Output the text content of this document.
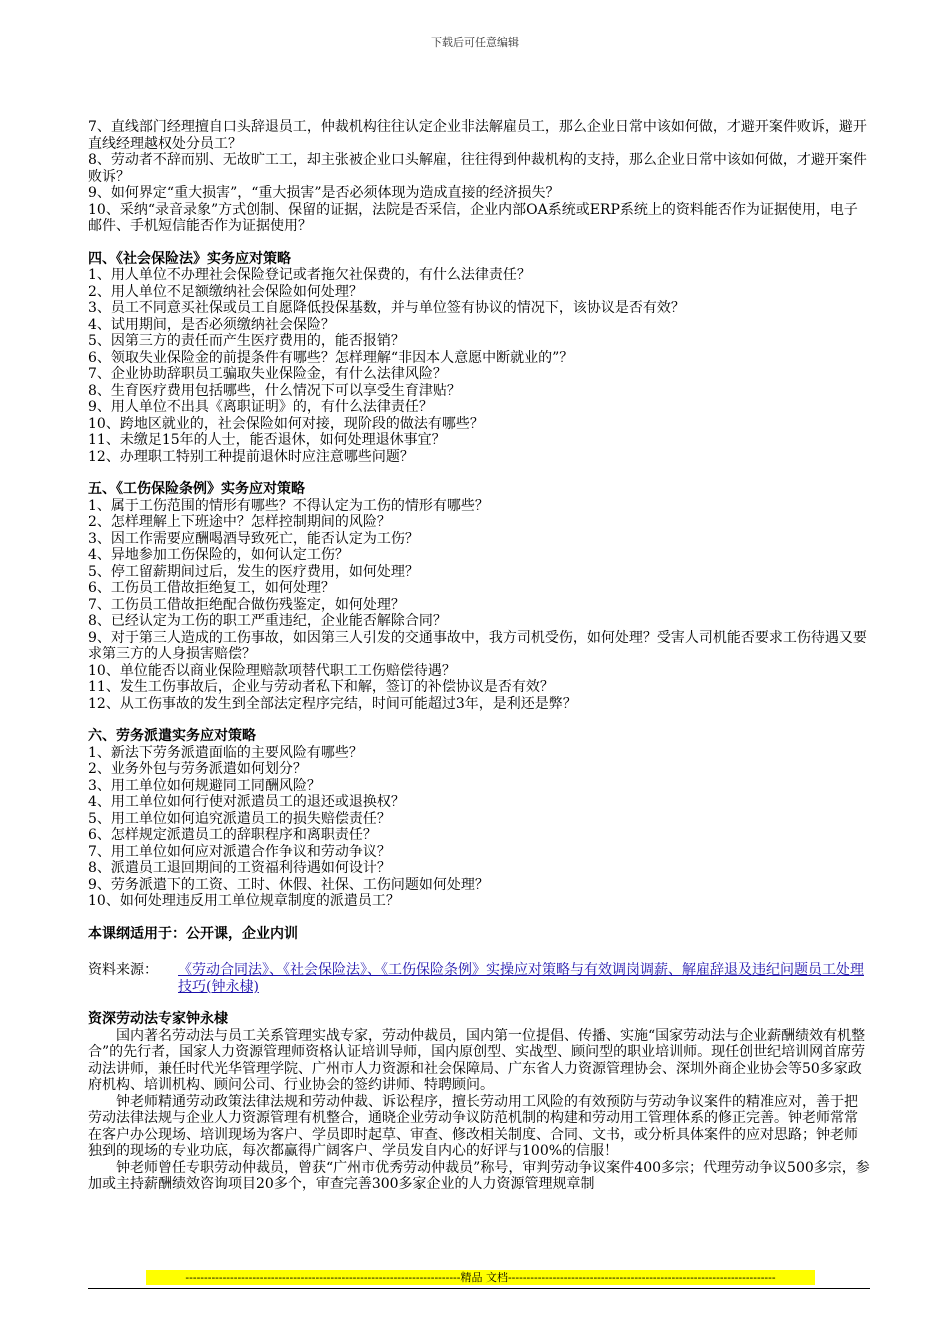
下载后可任意编辑
7、直线部门经理擅自口头辞退员工，仲裁机构往往认定企业非法解雇员工，那么企业日常中该如何做，才避开案件败诉，避开直线经理越权处分员工？
8、劳动者不辞而别、无故旷工工，却主张被企业口头解雇，往往得到仲裁机构的支持，那么企业日常中该如何做，才避开案件败诉？
9、如何界定“重大损害”，“重大损害”是否必须体现为造成直接的经济损失？
10、采纳“录音录象”方式创制、保留的证据，法院是否采信，企业内部OA系统或ERP系统上的资料能否作为证据使用，电子邮件、手机短信能否作为证据使用？
四、《社会保险法》实务应对策略
1、用人单位不办理社会保险登记或者拖欠社保费的，有什么法律责任？
2、用人单位不足额缴纳社会保险如何处理？
3、员工不同意买社保或员工自愿降低投保基数，并与单位签有协议的情况下，该协议是否有效？
4、试用期间，是否必须缴纳社会保险？
5、因第三方的责任而产生医疗费用的，能否报销？
6、领取失业保险金的前提条件有哪些？怎样理解“非因本人意愿中断就业的”？
7、企业协助辞职员工骗取失业保险金，有什么法律风险？
8、生育医疗费用包括哪些，什么情况下可以享受生育津贴？
9、用人单位不出具《离职证明》的，有什么法律责任？
10、跨地区就业的，社会保险如何对接，现阶段的做法有哪些？
11、未缴足15年的人士，能否退休，如何处理退休事宜？
12、办理职工特别工种提前退休时应注意哪些问题？
五、《工伤保险条例》实务应对策略
1、属于工伤范围的情形有哪些？不得认定为工伤的情形有哪些？
2、怎样理解上下班途中？怎样控制期间的风险？
3、因工作需要应酬喝酒导致死亡，能否认定为工伤？
4、异地参加工伤保险的，如何认定工伤？
5、停工留薪期间过后，发生的医疗费用，如何处理？
6、工伤员工借故拒绝复工，如何处理？
7、工伤员工借故拒绝配合做伤残鉴定，如何处理？
8、已经认定为工伤的职工严重违纪，企业能否解除合同？
9、对于第三人造成的工伤事故，如因第三人引发的交通事故中，我方司机受伤，如何处理？受害人司机能否要求工伤待遇又要求第三方的人身损害赔偿？
10、单位能否以商业保险理赔款项替代职工工伤赔偿待遇？
11、发生工伤事故后，企业与劳动者私下和解，签订的补偿协议是否有效？
12、从工伤事故的发生到全部法定程序完结，时间可能超过3年，是利还是弊？
六、劳务派遣实务应对策略
1、新法下劳务派遣面临的主要风险有哪些？
2、业务外包与劳务派遣如何划分？
3、用工单位如何规避同工同酬风险？
4、用工单位如何行使对派遣员工的退还或退换权？
5、用工单位如何追究派遣员工的损失赔偿责任？
6、怎样规定派遣员工的辞职程序和离职责任？
7、用工单位如何应对派遣合作争议和劳动争议？
8、派遣员工退回期间的工资福利待遇如何设计？
9、劳务派遣下的工资、工时、休假、社保、工伤问题如何处理？
10、如何处理违反用工单位规章制度的派遣员工？
本课纲适用于：公开课，企业内训
资料来源：	《劳动合同法》、《社会保险法》、《工伤保险条例》实操应对策略与有效调岗调薪、解雇辞退及违纪问题员工处理技巧(钟永棣)
资深劳动法专家钟永棣
国内著名劳动法与员工关系管理实战专家，劳动仲裁员，国内第一位提倡、传播、实施“国家劳动法与企业薪酬绩效有机整合”的先行者，国家人力资源管理师资格认证培训导师，国内原创型、实战型、顾问型的职业培训师。现任创世纪培训网首席劳动法讲师，兼任时代光华管理学院、广州市人力资源和社会保障局、广东省人力资源管理协会、深圳外商企业协会等50多家政府机构、培训机构、顾问公司、行业协会的签约讲师、特聘顾问。
钟老师精通劳动政策法律法规和劳动仲裁、诉讼程序，擅长劳动用工风险的有效预防与劳动争议案件的精准应对，善于把劳动法律法规与企业人力资源管理有机整合，通晓企业劳动争议防范机制的构建和劳动用工管理体系的修正完善。钟老师常常在客户办公现场、培训现场为客户、学员即时起草、审查、修改相关制度、合同、文书，或分析具体案件的应对思路；钟老师独到的现场的专业功底，每次都赢得广阔客户、学员发自内心的好评与100%的信服！
钟老师曾任专职劳动仲裁员，曾获“广州市优秀劳动仲裁员”称号，审判劳动争议案件400多宗；代理劳动争议500多宗，参加或主持薪酬绩效咨询项目20多个，审查完善300多家企业的人力资源管理规章制
--------------------------------------------------------------------------精品 文档------------------------------------------------------------------------
